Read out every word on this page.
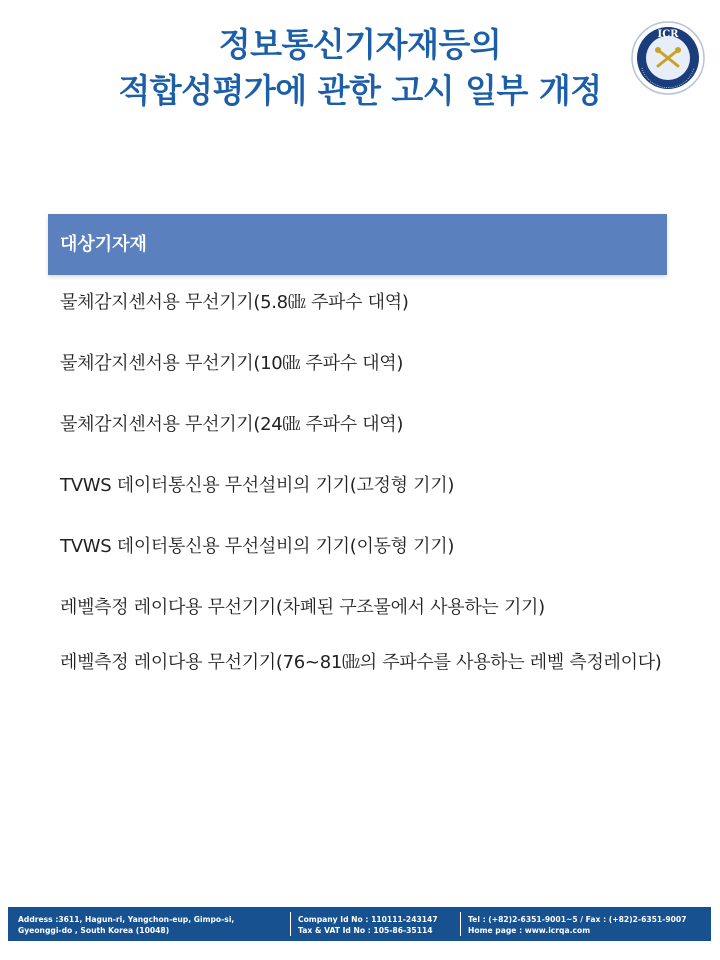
정보통신기자재등의
적합성평가에 관한 고시 일부 개정
ICR
대상기자재
물체감지센서용 무선기기(5.8㎓ 주파수 대역)
물체감지센서용 무선기기(10㎓ 주파수 대역)
물체감지센서용 무선기기(24㎓ 주파수 대역)
TVWS 데이터통신용 무선설비의 기기(고정형 기기)
TVWS 데이터통신용 무선설비의 기기(이동형 기기)
레벨측정 레이다용 무선기기(차폐된 구조물에서 사용하는 기기)
레벨측정 레이다용 무선기기(76~81㎓의 주파수를 사용하는 레벨 측정레이다)
Address :3611, Hagun-ri, Yangchon-eup, Gimpo-si,
Gyeonggi-do , South Korea (10048)
Company Id No : 110111-243147
Tax & VAT Id No : 105-86-35114
Tel : (+82)2-6351-9001~5 / Fax : (+82)2-6351-9007
Home page : www.icrqa.com
